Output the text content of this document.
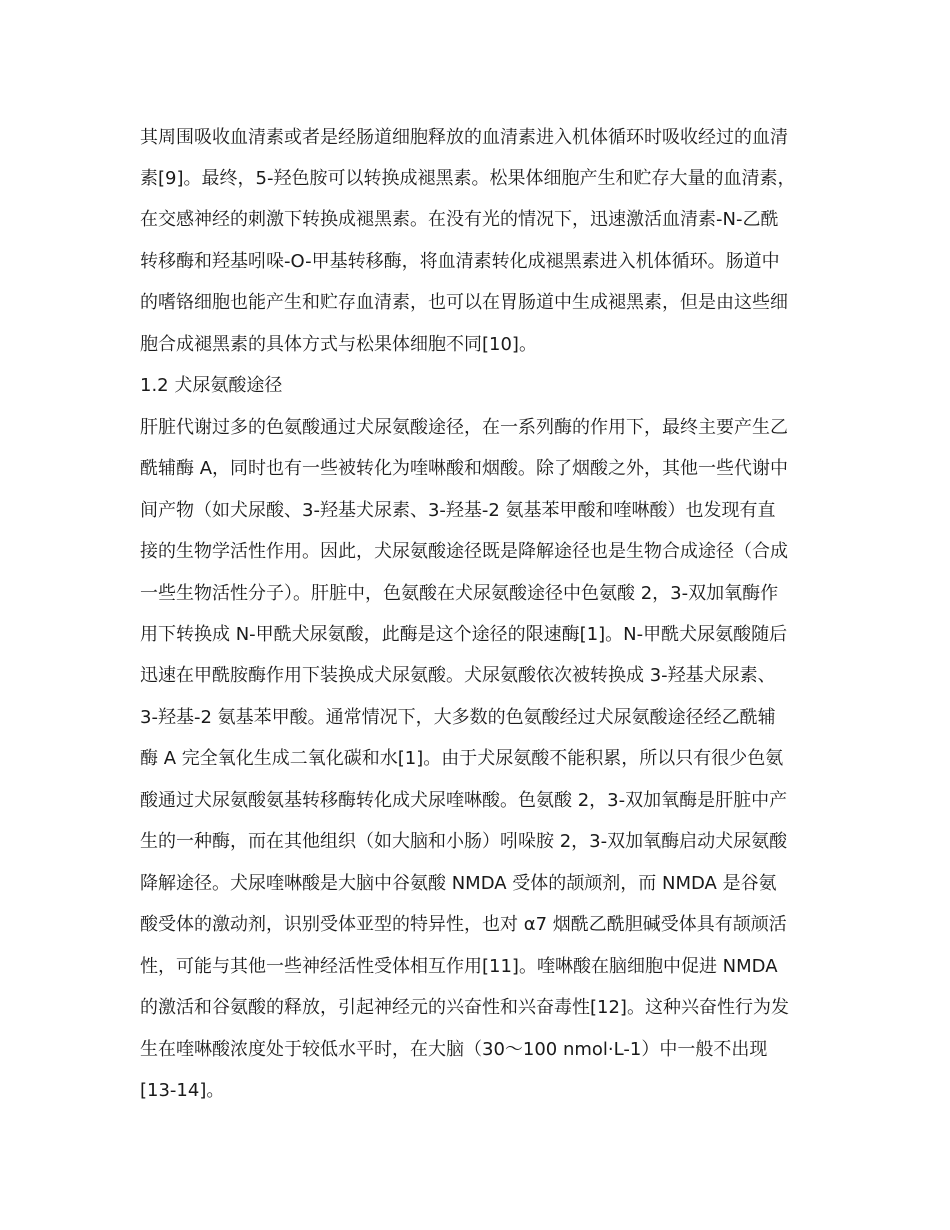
其周围吸收血清素或者是经肠道细胞释放的血清素进入机体循环时吸收经过的血清

素[9]。最终，5-羟色胺可以转换成褪黑素。松果体细胞产生和贮存大量的血清素，

在交感神经的刺激下转换成褪黑素。在没有光的情况下，迅速激活血清素-N-乙酰

转移酶和羟基吲哚-O-甲基转移酶，将血清素转化成褪黑素进入机体循环。肠道中

的嗜铬细胞也能产生和贮存血清素，也可以在胃肠道中生成褪黑素，但是由这些细

胞合成褪黑素的具体方式与松果体细胞不同[10]。

1.2 犬尿氨酸途径

肝脏代谢过多的色氨酸通过犬尿氨酸途径，在一系列酶的作用下，最终主要产生乙

酰辅酶 A，同时也有一些被转化为喹啉酸和烟酸。除了烟酸之外，其他一些代谢中

间产物（如犬尿酸、3-羟基犬尿素、3-羟基-2 氨基苯甲酸和喹啉酸）也发现有直

接的生物学活性作用。因此，犬尿氨酸途径既是降解途径也是生物合成途径（合成

一些生物活性分子）。肝脏中，色氨酸在犬尿氨酸途径中色氨酸 2，3-双加氧酶作

用下转换成 N-甲酰犬尿氨酸，此酶是这个途径的限速酶[1]。N-甲酰犬尿氨酸随后

迅速在甲酰胺酶作用下装换成犬尿氨酸。犬尿氨酸依次被转换成 3-羟基犬尿素、

3-羟基-2 氨基苯甲酸。通常情况下，大多数的色氨酸经过犬尿氨酸途径经乙酰辅

酶 A 完全氧化生成二氧化碳和水[1]。由于犬尿氨酸不能积累，所以只有很少色氨

酸通过犬尿氨酸氨基转移酶转化成犬尿喹啉酸。色氨酸 2，3-双加氧酶是肝脏中产

生的一种酶，而在其他组织（如大脑和小肠）吲哚胺 2，3-双加氧酶启动犬尿氨酸

降解途径。犬尿喹啉酸是大脑中谷氨酸 NMDA 受体的颉颃剂，而 NMDA 是谷氨

酸受体的激动剂，识别受体亚型的特异性，也对 α7 烟酰乙酰胆碱受体具有颉颃活

性，可能与其他一些神经活性受体相互作用[11]。喹啉酸在脑细胞中促进 NMDA

的激活和谷氨酸的释放，引起神经元的兴奋性和兴奋毒性[12]。这种兴奋性行为发

生在喹啉酸浓度处于较低水平时，在大脑（30～100 nmol·L-1）中一般不出现

[13-14]。
